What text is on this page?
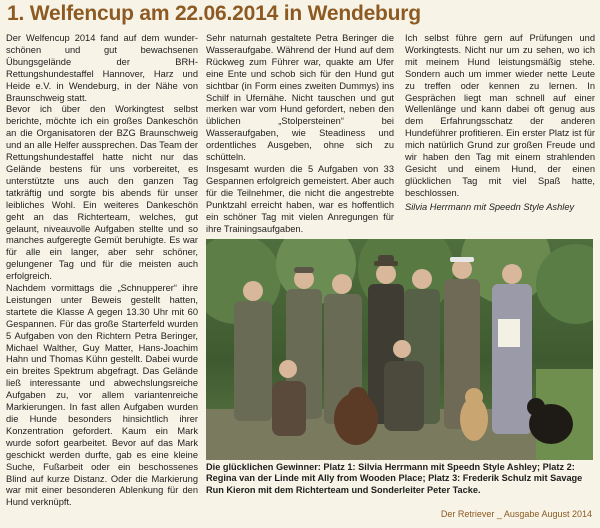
1. Welfencup am 22.06.2014 in Wendeburg

Der Welfencup 2014 fand auf dem wunder-schönen und gut bewachsenen Übungsgelände der BRH-Rettungshundestaffel Hannover, Harz und Heide e.V. in Wendeburg, in der Nähe von Braunschweig statt.

Bevor ich über den Workingtest selbst berichte, möchte ich ein großes Dankeschön an die Organisatoren der BZG Braunschweig und an alle Helfer aussprechen. Das Team der Rettungshundestaffel hatte nicht nur das Gelände bestens für uns vorbereitet, es unterstützte uns auch den ganzen Tag tatkräftig und sorgte bis abends für unser leibliches Wohl. Ein weiteres Dankeschön geht an das Richterteam, welches, gut gelaunt, niveauvolle Aufgaben stellte und so manches aufgeregte Gemüt beruhigte. Es war für alle ein langer, aber sehr schöner, gelungener Tag und für die meisten auch erfolgreich.

Nachdem vormittags die „Schnupperer“ ihre Leistungen unter Beweis gestellt hatten, startete die Klasse A gegen 13.30 Uhr mit 60 Gespannen. Für das große Starterfeld wurden 5 Aufgaben von den Richtern Petra Beringer, Michael Walther, Guy Matter, Hans-Joachim Hahn und Thomas Kühn gestellt. Dabei wurde ein breites Spektrum abgefragt. Das Gelände ließ interessante und abwechslungsreiche Aufgaben zu, vor allem variantenreiche Markierungen. In fast allen Aufgaben wurden die Hunde besonders hinsichtlich ihrer Konzentration gefordert. Kaum ein Mark wurde sofort gearbeitet. Bevor auf das Mark geschickt werden durfte, gab es eine kleine Suche, Fußarbeit oder ein beschossenes Blind auf kurze Distanz. Oder die Markierung war mit einer besonderen Ablenkung für den Hund verknüpft.

Sehr naturnah gestaltete Petra Beringer die Wasseraufgabe. Während der Hund auf dem Rückweg zum Führer war, quakte am Ufer eine Ente und schob sich für den Hund gut sichtbar (in Form eines zweiten Dummys) ins Schilf in Ufernähe. Nicht tauschen und gut merken war vom Hund gefordert, neben den üblichen „Stolpersteinen“ bei Wasseraufgaben, wie Steadiness und ordentliches Ausgeben, ohne sich zu schütteln.

Insgesamt wurden die 5 Aufgaben von 33 Gespannen erfolgreich gemeistert. Aber auch für die Teilnehmer, die nicht die angestrebte Punktzahl erreicht haben, war es hoffentlich ein schöner Tag mit vielen Anregungen für ihre Trainingsaufgaben.

Ich selbst führe gern auf Prüfungen und Workingtests. Nicht nur um zu sehen, wo ich mit meinem Hund leistungsmäßig stehe. Sondern auch um immer wieder nette Leute zu treffen oder kennen zu lernen. In Gesprächen liegt man schnell auf einer Wellenlänge und kann dabei oft genug aus dem Erfahrungsschatz der anderen Hundeführer profitieren. Ein erster Platz ist für mich natürlich Grund zur großen Freude und wir haben den Tag mit einem strahlenden Gesicht und einem Hund, der einen glücklichen Tag mit viel Spaß hatte, beschlossen.

Silvia Herrmann mit Speedn Style Ashley

Die glücklichen Gewinner: Platz 1: Silvia Herrmann mit Speedn Style Ashley; Platz 2: Regina van der Linde mit Ally from Wooden Place; Platz 3: Frederik Schulz mit Savage Run Kieron mit dem Richterteam und Sonderleiter Peter Tacke.
Der Retriever _ Ausgabe August 2014
